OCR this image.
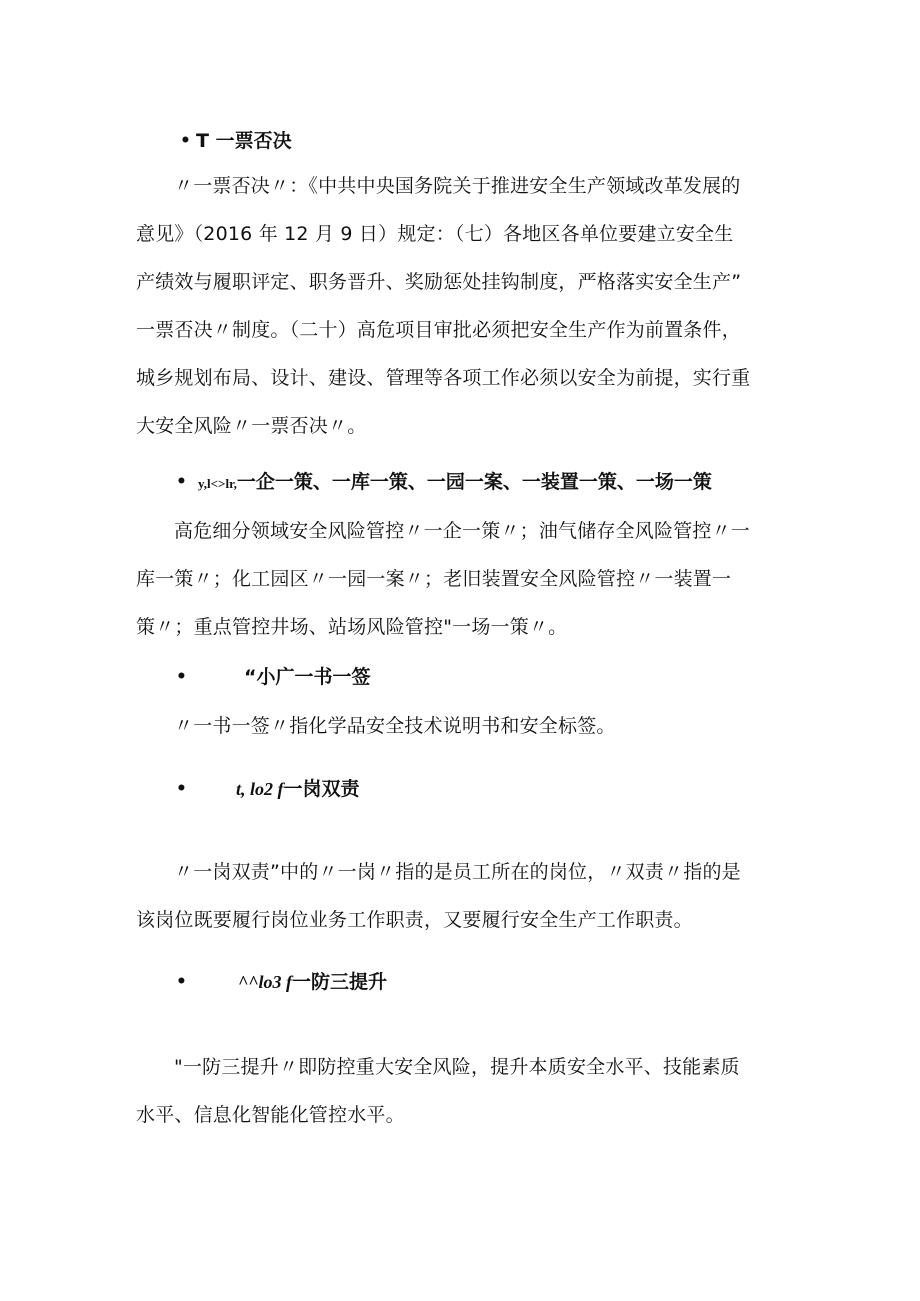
• T 一票否决
〃一票否决〃：《中共中央国务院关于推进安全生产领域改革发展的
意见》（2016 年 12 月 9 日）规定：（七）各地区各单位要建立安全生
产绩效与履职评定、职务晋升、奖励惩处挂钩制度，严格落实安全生产”
一票否决〃制度。（二十）高危项目审批必须把安全生产作为前置条件，
城乡规划布局、设计、建设、管理等各项工作必须以安全为前提，实行重
大安全风险〃一票否决〃。
• y,l<>lr,一企一策、一库一策、一园一案、一装置一策、一场一策
高危细分领域安全风险管控〃一企一策〃；油气储存全风险管控〃一
库一策〃；化工园区〃一园一案〃；老旧装置安全风险管控〃一装置一
策〃；重点管控井场、站场风险管控"一场一策〃。
•	“小广一书一签
〃一书一签〃指化学品安全技术说明书和安全标签。
•	t, lo2 f一岗双责
〃一岗双责”中的〃一岗〃指的是员工所在的岗位，〃双责〃指的是
该岗位既要履行岗位业务工作职责，又要履行安全生产工作职责。
•	^^lo3 f一防三提升
"一防三提升〃即防控重大安全风险，提升本质安全水平、技能素质
水平、信息化智能化管控水平。
